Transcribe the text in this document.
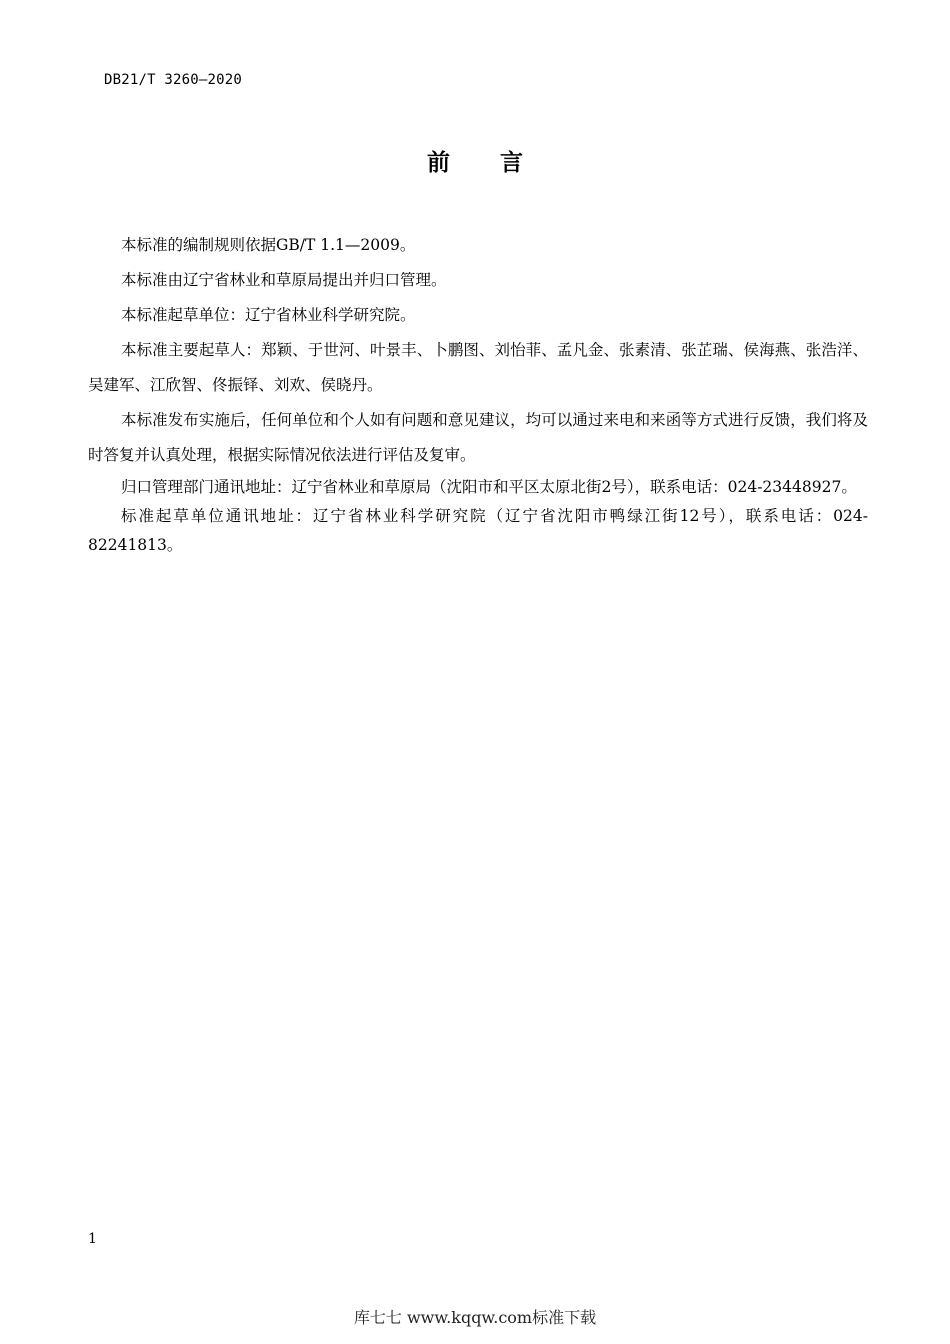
DB21/T 3260—2020
前 言

本标准的编制规则依据GB/T 1.1—2009。

本标准由辽宁省林业和草原局提出并归口管理。

本标准起草单位：辽宁省林业科学研究院。

本标准主要起草人：郑颖、于世河、叶景丰、卜鹏图、刘怡菲、孟凡金、张素清、张芷瑞、侯海燕、张浩洋、吴建军、江欣智、佟振铎、刘欢、侯晓丹。

本标准发布实施后，任何单位和个人如有问题和意见建议，均可以通过来电和来函等方式进行反馈，我们将及时答复并认真处理，根据实际情况依法进行评估及复审。

归口管理部门通讯地址：辽宁省林业和草原局（沈阳市和平区太原北街2号），联系电话：024-23448927。

标准起草单位通讯地址：辽宁省林业科学研究院（辽宁省沈阳市鸭绿江街12号），联系电话：024-82241813。

1
库七七 www.kqqw.com标准下载
